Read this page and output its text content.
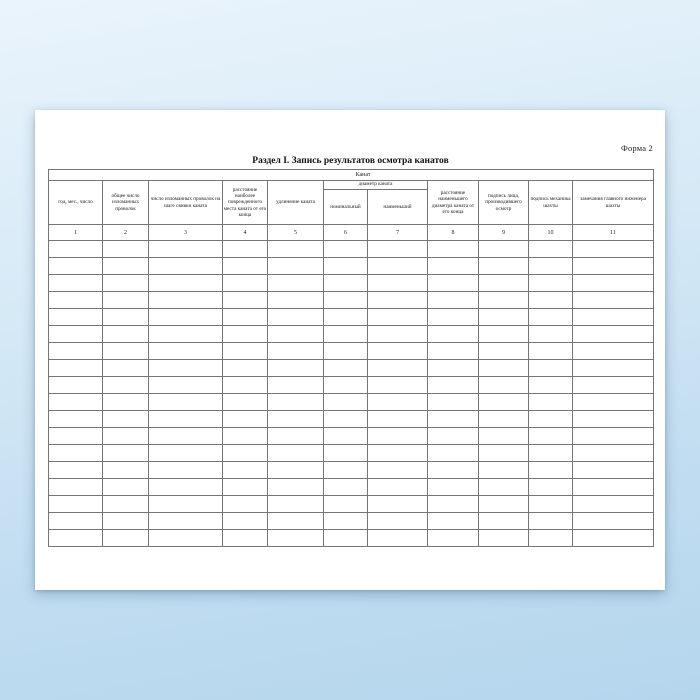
Форма 2
Раздел I. Запись результатов осмотра канатов
Канат										
год, мес., число	общее число изломанных проволок	число изломанных проволок на шаге свивки каната	расстояние наиболее поврежденного места каната от его конца	удлинение каната	диаметр каната		расстояние наименьшего диаметра каната от его конца	подпись лица, производившего осмотр	подпись механика шахты	замечания главного инженера шахты
					номинальный	наименьший				
1	2	3	4	5	6	7	8	9	10	11
